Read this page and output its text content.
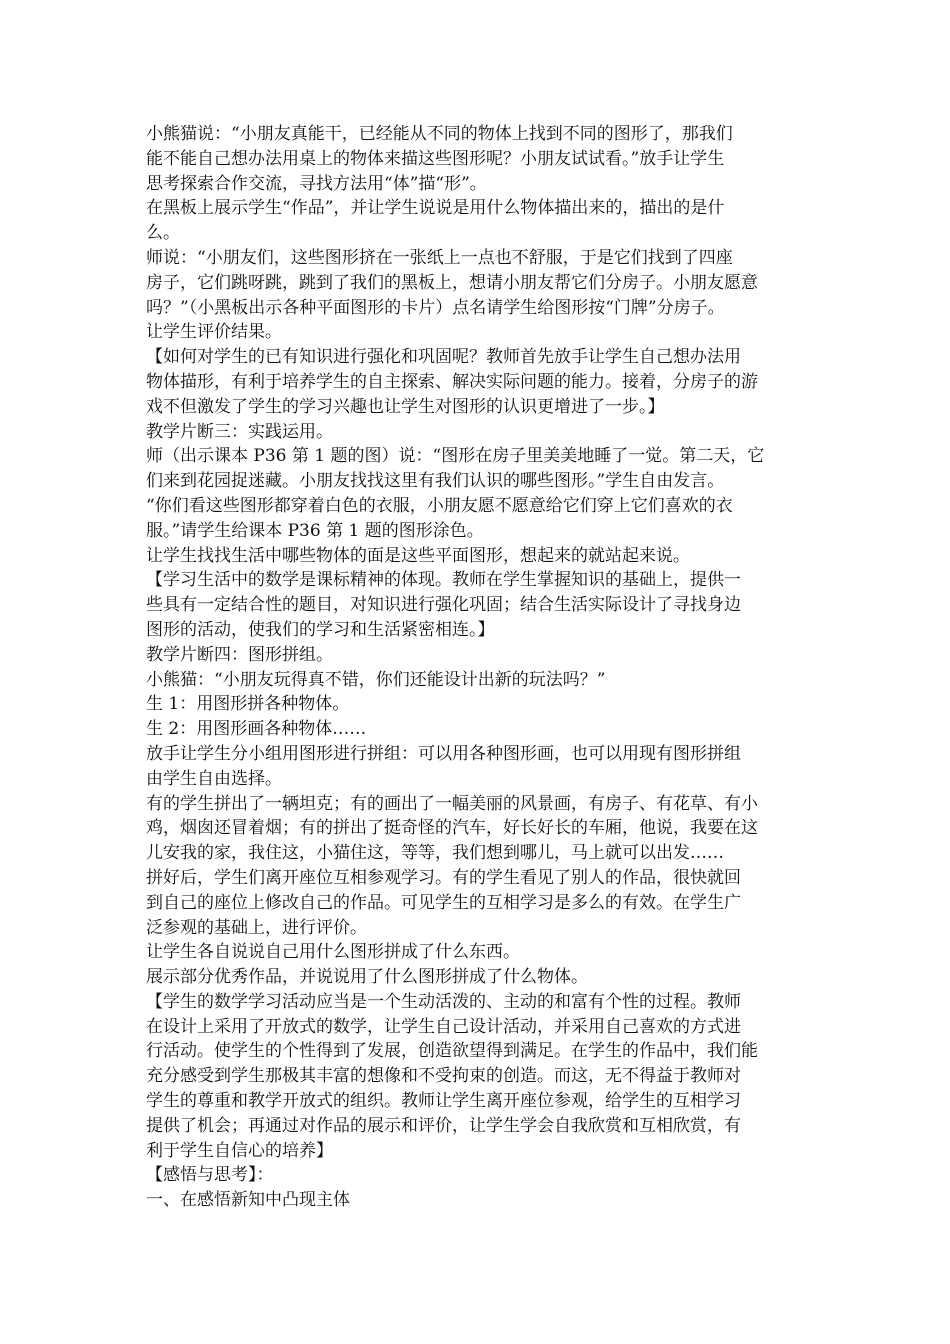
小熊猫说：“小朋友真能干，已经能从不同的物体上找到不同的图形了，那我们
能不能自己想办法用桌上的物体来描这些图形呢？小朋友试试看。”放手让学生
思考探索合作交流，寻找方法用“体”描“形”。
在黑板上展示学生“作品”，并让学生说说是用什么物体描出来的，描出的是什
么。
师说：“小朋友们，这些图形挤在一张纸上一点也不舒服，于是它们找到了四座
房子，它们跳呀跳，跳到了我们的黑板上，想请小朋友帮它们分房子。小朋友愿意
吗？”（小黑板出示各种平面图形的卡片）点名请学生给图形按“门牌”分房子。
让学生评价结果。
【如何对学生的已有知识进行强化和巩固呢？教师首先放手让学生自己想办法用
物体描形，有利于培养学生的自主探索、解决实际问题的能力。接着，分房子的游
戏不但激发了学生的学习兴趣也让学生对图形的认识更增进了一步。】
教学片断三：实践运用。
师（出示课本 P36 第 1 题的图）说：“图形在房子里美美地睡了一觉。第二天，它
们来到花园捉迷藏。小朋友找找这里有我们认识的哪些图形。”学生自由发言。
“你们看这些图形都穿着白色的衣服，小朋友愿不愿意给它们穿上它们喜欢的衣
服。”请学生给课本 P36 第 1 题的图形涂色。
让学生找找生活中哪些物体的面是这些平面图形，想起来的就站起来说。
【学习生活中的数学是课标精神的体现。教师在学生掌握知识的基础上，提供一
些具有一定结合性的题目，对知识进行强化巩固；结合生活实际设计了寻找身边
图形的活动，使我们的学习和生活紧密相连。】
教学片断四：图形拼组。
小熊猫：“小朋友玩得真不错，你们还能设计出新的玩法吗？”
生 1：用图形拼各种物体。
生 2：用图形画各种物体……
放手让学生分小组用图形进行拼组：可以用各种图形画，也可以用现有图形拼组
由学生自由选择。
有的学生拼出了一辆坦克；有的画出了一幅美丽的风景画，有房子、有花草、有小
鸡，烟囱还冒着烟；有的拼出了挺奇怪的汽车，好长好长的车厢，他说，我要在这
儿安我的家，我住这，小猫住这，等等，我们想到哪儿，马上就可以出发……
拼好后，学生们离开座位互相参观学习。有的学生看见了别人的作品，很快就回
到自己的座位上修改自己的作品。可见学生的互相学习是多么的有效。在学生广
泛参观的基础上，进行评价。
让学生各自说说自己用什么图形拼成了什么东西。
展示部分优秀作品，并说说用了什么图形拼成了什么物体。
【学生的数学学习活动应当是一个生动活泼的、主动的和富有个性的过程。教师
在设计上采用了开放式的数学，让学生自己设计活动，并采用自己喜欢的方式进
行活动。使学生的个性得到了发展，创造欲望得到满足。在学生的作品中，我们能
充分感受到学生那极其丰富的想像和不受拘束的创造。而这，无不得益于教师对
学生的尊重和教学开放式的组织。教师让学生离开座位参观，给学生的互相学习
提供了机会；再通过对作品的展示和评价，让学生学会自我欣赏和互相欣赏，有
利于学生自信心的培养】
【感悟与思考】：
一、在感悟新知中凸现主体
